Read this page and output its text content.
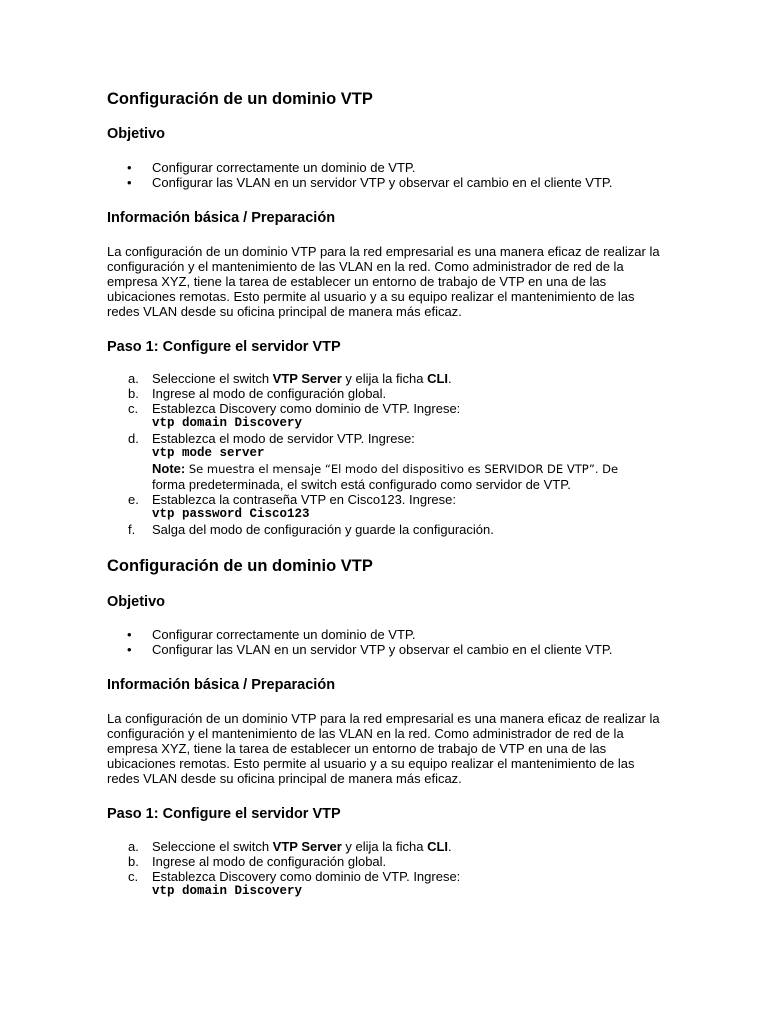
Configuración de un dominio VTP
Objetivo
• Configurar correctamente un dominio de VTP.
• Configurar las VLAN en un servidor VTP y observar el cambio en el cliente VTP.
Información básica / Preparación

La configuración de un dominio VTP para la red empresarial es una manera eficaz de realizar la configuración y el mantenimiento de las VLAN en la red. Como administrador de red de la empresa XYZ, tiene la tarea de establecer un entorno de trabajo de VTP en una de las ubicaciones remotas. Esto permite al usuario y a su equipo realizar el mantenimiento de las redes VLAN desde su oficina principal de manera más eficaz.

Paso 1: Configure el servidor VTP
a. Seleccione el switch VTP Server y elija la ficha CLI.
b. Ingrese al modo de configuración global.
c. Establezca Discovery como dominio de VTP. Ingrese:
vtp domain Discovery
d. Establezca el modo de servidor VTP. Ingrese:
vtp mode server
Note: Se muestra el mensaje “El modo del dispositivo es SERVIDOR DE VTP”. De
forma predeterminada, el switch está configurado como servidor de VTP.
e. Establezca la contraseña VTP en Cisco123. Ingrese:
vtp password Cisco123
f. Salga del modo de configuración y guarde la configuración.
Configuración de un dominio VTP
Objetivo
• Configurar correctamente un dominio de VTP.
• Configurar las VLAN en un servidor VTP y observar el cambio en el cliente VTP.
Información básica / Preparación

La configuración de un dominio VTP para la red empresarial es una manera eficaz de realizar la configuración y el mantenimiento de las VLAN en la red. Como administrador de red de la empresa XYZ, tiene la tarea de establecer un entorno de trabajo de VTP en una de las ubicaciones remotas. Esto permite al usuario y a su equipo realizar el mantenimiento de las redes VLAN desde su oficina principal de manera más eficaz.

Paso 1: Configure el servidor VTP
a. Seleccione el switch VTP Server y elija la ficha CLI.
b. Ingrese al modo de configuración global.
c. Establezca Discovery como dominio de VTP. Ingrese:
vtp domain Discovery
